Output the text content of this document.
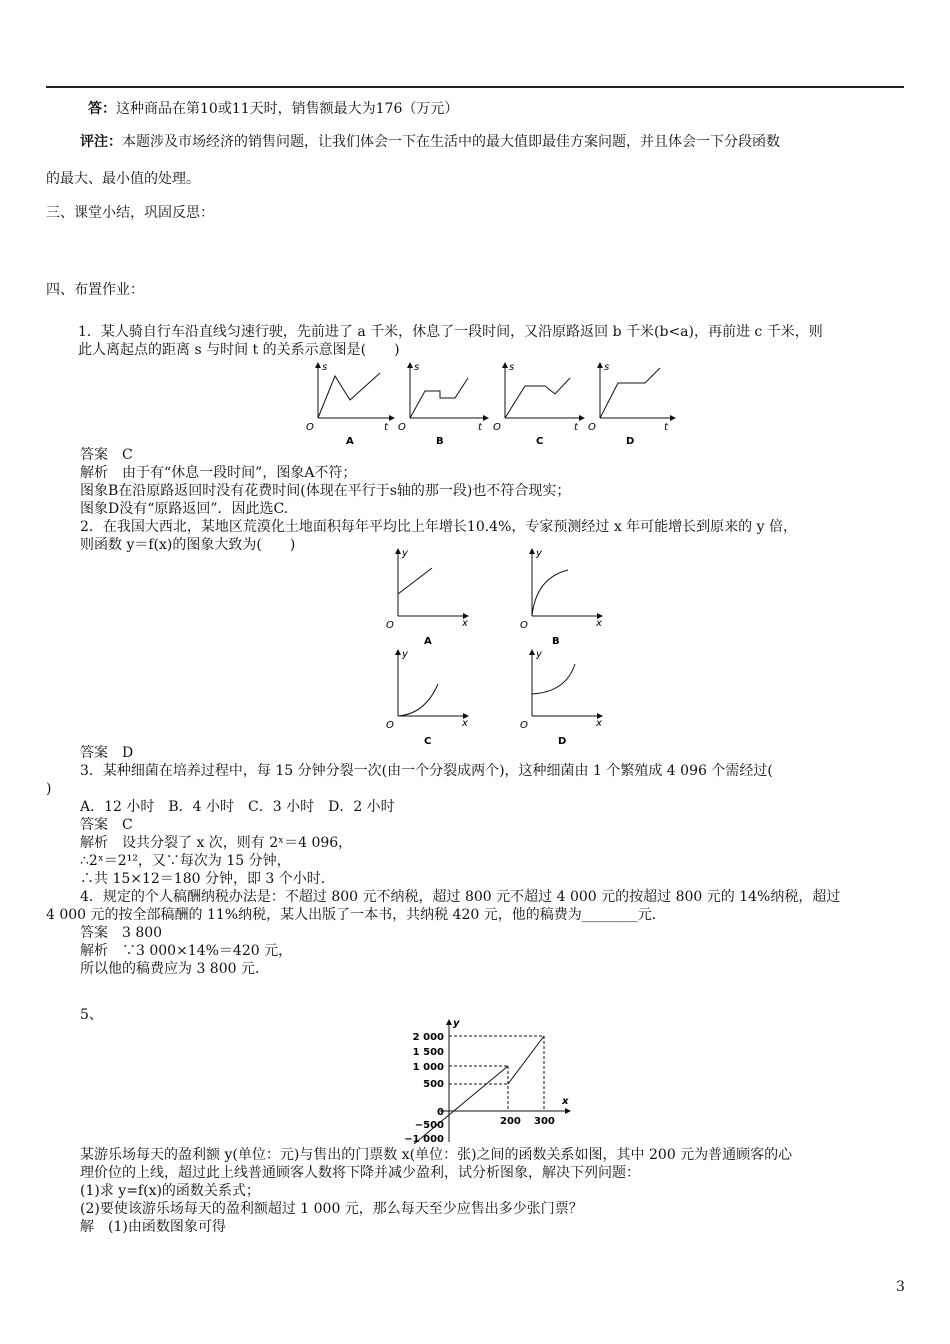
答：这种商品在第10或11天时，销售额最大为176（万元）
评注：本题涉及市场经济的销售问题，让我们体会一下在生活中的最大值即最佳方案问题，并且体会一下分段函数
的最大、最小值的处理。
三、课堂小结，巩固反思：
四、布置作业：
1．某人骑自行车沿直线匀速行驶，先前进了 a 千米，休息了一段时间，又沿原路返回 b 千米(b<a)，再前进 c 千米，则
此人离起点的距离 s 与时间 t 的关系示意图是(　　)
s
t
O
A
s
t
O
B
s
t
O
C
s
t
O
D
答案　C
解析　由于有“休息一段时间”，图象A不符；
图象B在沿原路返回时没有花费时间(体现在平行于s轴的那一段)也不符合现实；
图象D没有“原路返回”．因此选C.
2．在我国大西北，某地区荒漠化土地面积每年平均比上年增长10.4%，专家预测经过 x 年可能增长到原来的 y 倍，
则函数 y＝f(x)的图象大致为(　　)
y
x
O
A
y
x
O
B
y
x
O
C
y
x
O
D
答案　D
3．某种细菌在培养过程中，每 15 分钟分裂一次(由一个分裂成两个)，这种细菌由 1 个繁殖成 4 096 个需经过(
)
A．12 小时　B．4 小时　C．3 小时　D．2 小时
答案　C
解析　设共分裂了 x 次，则有 2ˣ＝4 096，
∴2ˣ＝2¹²，又∵每次为 15 分钟，
∴共 15×12＝180 分钟，即 3 个小时．
4．规定的个人稿酬纳税办法是：不超过 800 元不纳税，超过 800 元不超过 4 000 元的按超过 800 元的 14%纳税，超过
4 000 元的按全部稿酬的 11%纳税，某人出版了一本书，共纳税 420 元，他的稿费为________元．
答案　3 800
解析　∵3 000×14%＝420 元，
所以他的稿费应为 3 800 元．
5、
y
x
2 000
1 500
1 000
500
0
−500
−1 000
200 300
某游乐场每天的盈利额 y(单位：元)与售出的门票数 x(单位：张)之间的函数关系如图，其中 200 元为普通顾客的心
理价位的上线，超过此上线普通顾客人数将下降并减少盈利，试分析图象，解决下列问题：
(1)求 y=f(x)的函数关系式；
(2)要使该游乐场每天的盈利额超过 1 000 元，那么每天至少应售出多少张门票？
解　(1)由函数图象可得
3
